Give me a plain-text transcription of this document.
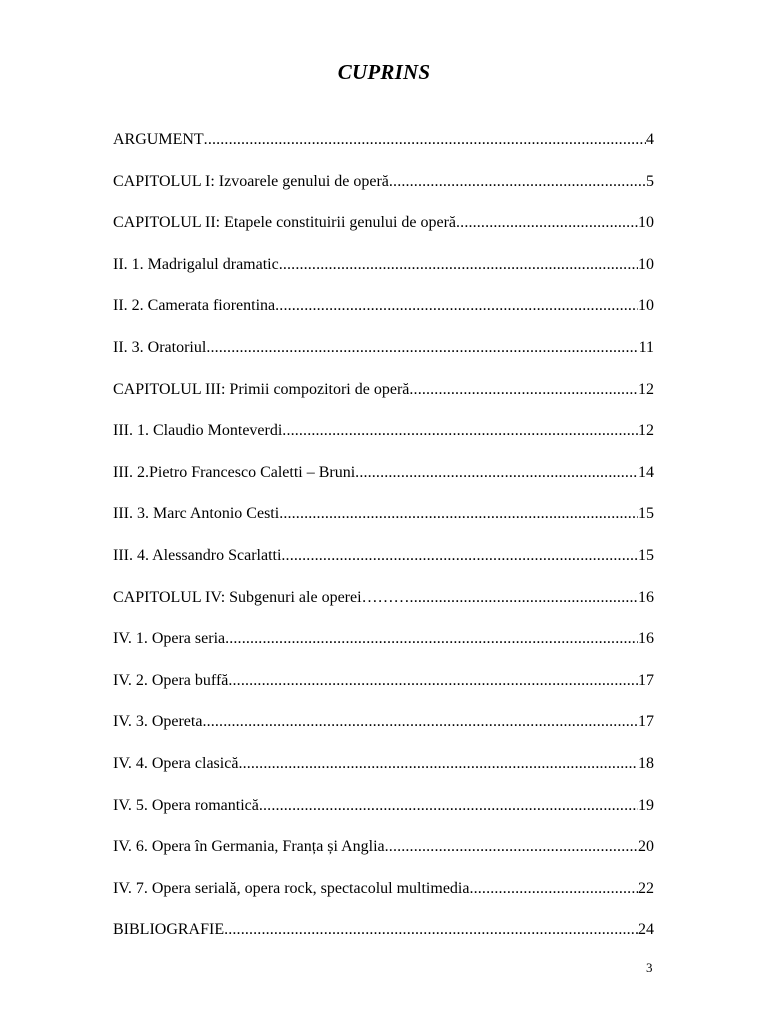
CUPRINS
ARGUMENT .....	4
CAPITOLUL I: Izvoarele genului de operă .....	5
CAPITOLUL II: Etapele constituirii genului de operă .....	10
II. 1. Madrigalul dramatic .....	10
II. 2. Camerata fiorentina .....	10
II. 3. Oratoriul .....	11
CAPITOLUL III: Primii compozitori de operă .....	12
III. 1. Claudio Monteverdi .....	12
III. 2.Pietro Francesco Caletti – Bruni .....	14
III. 3. Marc Antonio Cesti .....	15
III. 4. Alessandro Scarlatti .....	15
CAPITOLUL IV: Subgenuri ale operei……… .....	16
IV. 1. Opera seria .....	16
IV. 2. Opera buffă .....	17
IV. 3. Opereta .....	17
IV. 4. Opera clasică .....	18
IV. 5. Opera romantică .....	19
IV. 6. Opera în Germania, Franța și Anglia .....	20
IV. 7. Opera serială, opera rock, spectacolul multimedia .....	22
BIBLIOGRAFIE .....	24
3
